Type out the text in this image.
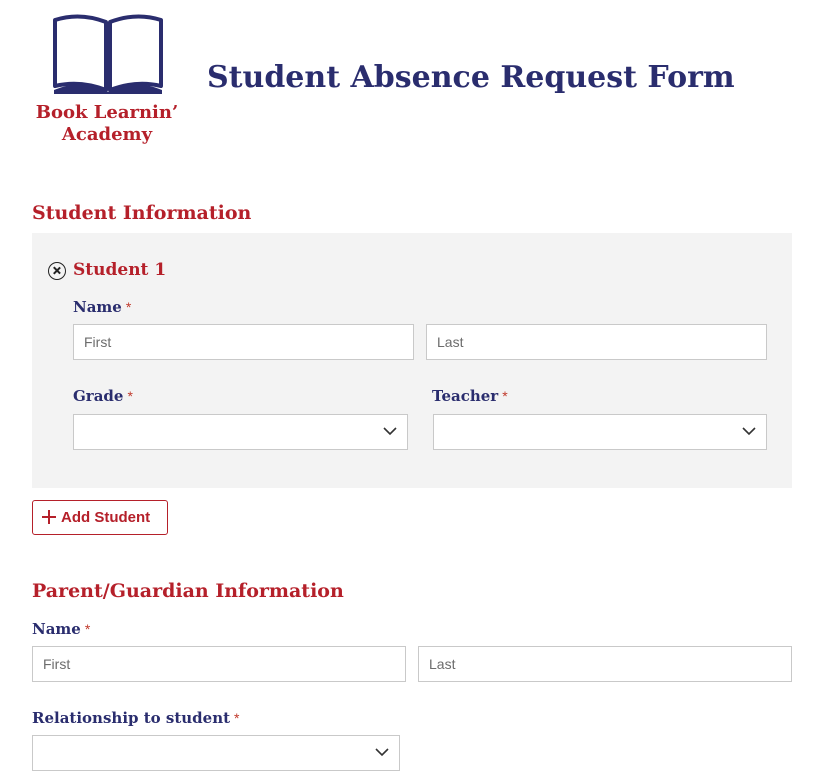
Book Learnin’
Academy
Student Absence Request Form
Student Information
Student 1
Name *
First
Last
Grade *	Teacher *
Add Student
Parent/Guardian Information
Name *
First
Last
Relationship to student *
